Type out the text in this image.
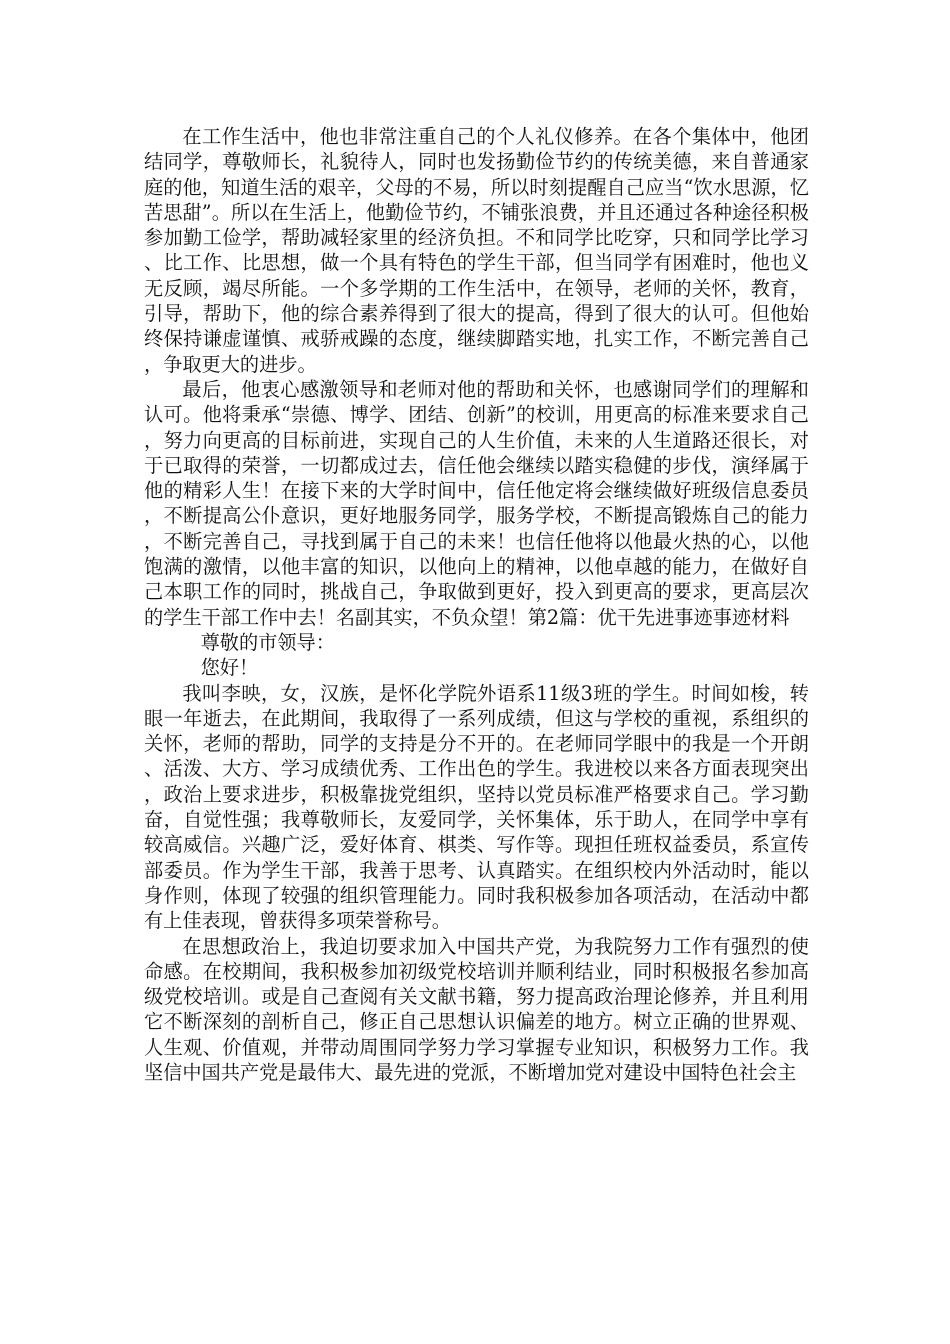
在工作生活中，他也非常注重自己的个人礼仪修养。在各个集体中，他团结同学，尊敬师长，礼貌待人，同时也发扬勤俭节约的传统美德，来自普通家庭的他，知道生活的艰辛，父母的不易，所以时刻提醒自己应当“饮水思源，忆苦思甜”。所以在生活上，他勤俭节约，不铺张浪费，并且还通过各种途径积极参加勤工俭学，帮助减轻家里的经济负担。不和同学比吃穿，只和同学比学习、比工作、比思想，做一个具有特色的学生干部，但当同学有困难时，他也义无反顾，竭尽所能。一个多学期的工作生活中，在领导，老师的关怀，教育，引导，帮助下，他的综合素养得到了很大的提高，得到了很大的认可。但他始终保持谦虚谨慎、戒骄戒躁的态度，继续脚踏实地，扎实工作，不断完善自己，争取更大的进步。

最后，他衷心感激领导和老师对他的帮助和关怀，也感谢同学们的理解和认可。他将秉承“崇德、博学、团结、创新”的校训，用更高的标准来要求自己，努力向更高的目标前进，实现自己的人生价值，未来的人生道路还很长，对于已取得的荣誉，一切都成过去，信任他会继续以踏实稳健的步伐，演绎属于他的精彩人生！在接下来的大学时间中，信任他定将会继续做好班级信息委员，不断提高公仆意识，更好地服务同学，服务学校，不断提高锻炼自己的能力，不断完善自己，寻找到属于自己的未来！也信任他将以他最火热的心，以他饱满的激情，以他丰富的知识，以他向上的精神，以他卓越的能力，在做好自己本职工作的同时，挑战自己，争取做到更好，投入到更高的要求，更高层次的学生干部工作中去！名副其实，不负众望！第2篇：优干先进事迹事迹材料

尊敬的市领导：

您好！

我叫李映，女，汉族，是怀化学院外语系11级3班的学生。时间如梭，转眼一年逝去，在此期间，我取得了一系列成绩，但这与学校的重视，系组织的关怀，老师的帮助，同学的支持是分不开的。在老师同学眼中的我是一个开朗、活泼、大方、学习成绩优秀、工作出色的学生。我进校以来各方面表现突出，政治上要求进步，积极靠拢党组织，坚持以党员标准严格要求自己。学习勤奋，自觉性强；我尊敬师长，友爱同学，关怀集体，乐于助人，在同学中享有较高威信。兴趣广泛，爱好体育、棋类、写作等。现担任班权益委员，系宣传部委员。作为学生干部，我善于思考、认真踏实。在组织校内外活动时，能以身作则，体现了较强的组织管理能力。同时我积极参加各项活动，在活动中都有上佳表现，曾获得多项荣誉称号。

在思想政治上，我迫切要求加入中国共产党，为我院努力工作有强烈的使命感。在校期间，我积极参加初级党校培训并顺利结业，同时积极报名参加高级党校培训。或是自己查阅有关文献书籍，努力提高政治理论修养，并且利用它不断深刻的剖析自己，修正自己思想认识偏差的地方。树立正确的世界观、人生观、价值观，并带动周围同学努力学习掌握专业知识，积极努力工作。我坚信中国共产党是最伟大、最先进的党派，不断增加党对建设中国特色社会主
